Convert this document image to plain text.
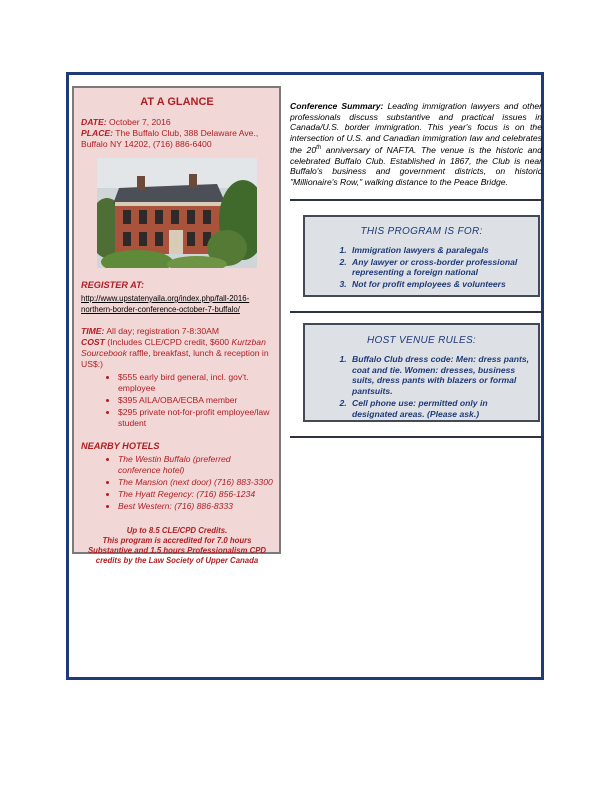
AT A GLANCE
DATE: October 7, 2016
PLACE: The Buffalo Club, 388 Delaware Ave., Buffalo NY 14202, (716) 886-6400
REGISTER AT:
http://www.upstatenyaila.org/index.php/fall-2016-northern-border-conference-october-7-buffalo/
TIME: All day; registration 7-8:30AM
COST (Includes CLE/CPD credit, $600 Kurtzban Sourcebook raffle, breakfast, lunch & reception in US$:)
• $555 early bird general, incl. gov't. employee
• $395 AILA/OBA/ECBA member
• $295 private not-for-profit employee/law student
NEARBY HOTELS
• The Westin Buffalo (preferred conference hotel)
• The Mansion (next door) (716) 883-3300
• The Hyatt Regency: (716) 856-1234
• Best Western: (716) 886-8333
Up to 8.5 CLE/CPD Credits.
This program is accredited for 7.0 hours Substantive and 1.5 hours Professionalism CPD credits by the Law Society of Upper Canada
Conference Summary: Leading immigration lawyers and other professionals discuss substantive and practical issues in Canada/U.S. border immigration. This year's focus is on the intersection of U.S. and Canadian immigration law and celebrates the 20th anniversary of NAFTA. The venue is the historic and celebrated Buffalo Club. Established in 1867, the Club is near Buffalo's business and government districts, on historic "Millionaire's Row," walking distance to the Peace Bridge.
THIS PROGRAM IS FOR:
1. Immigration lawyers & paralegals
2. Any lawyer or cross-border professional representing a foreign national
3. Not for profit employees & volunteers
HOST VENUE RULES:
1. Buffalo Club dress code: Men: dress pants, coat and tie. Women: dresses, business suits, dress pants with blazers or formal pantsuits.
2. Cell phone use: permitted only in designated areas. (Please ask.)
